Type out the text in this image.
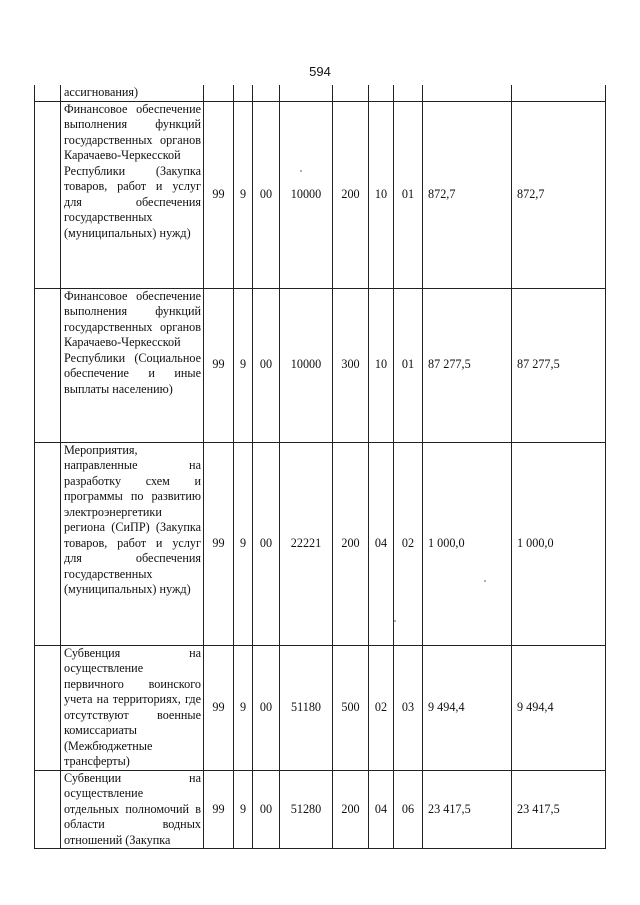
594
	ассигнования)									
	Финансовое обеспечение выполнения функций государственных органов Карачаево-Черкесской Республики (Закупка товаров, работ и услуг для обеспечения государственных (муниципальных) нужд)	99	9	00	10000	200	10	01	872,7	872,7
	Финансовое обеспечение выполнения функций государственных органов Карачаево-Черкесской Республики (Социальное обеспечение и иные выплаты населению)	99	9	00	10000	300	10	01	87 277,5	87 277,5
	Мероприятия, направленные на разработку схем и программы по развитию электроэнергетики региона (СиПР) (Закупка товаров, работ и услуг для обеспечения государственных (муниципальных) нужд)	99	9	00	22221	200	04	02	1 000,0	1 000,0
	Субвенция на осуществление первичного воинского учета на территориях, где отсутствуют военные комиссариаты (Межбюджетные трансферты)	99	9	00	51180	500	02	03	9 494,4	9 494,4
	Субвенции на осуществление отдельных полномочий в области водных отношений (Закупка	99	9	00	51280	200	04	06	23 417,5	23 417,5
